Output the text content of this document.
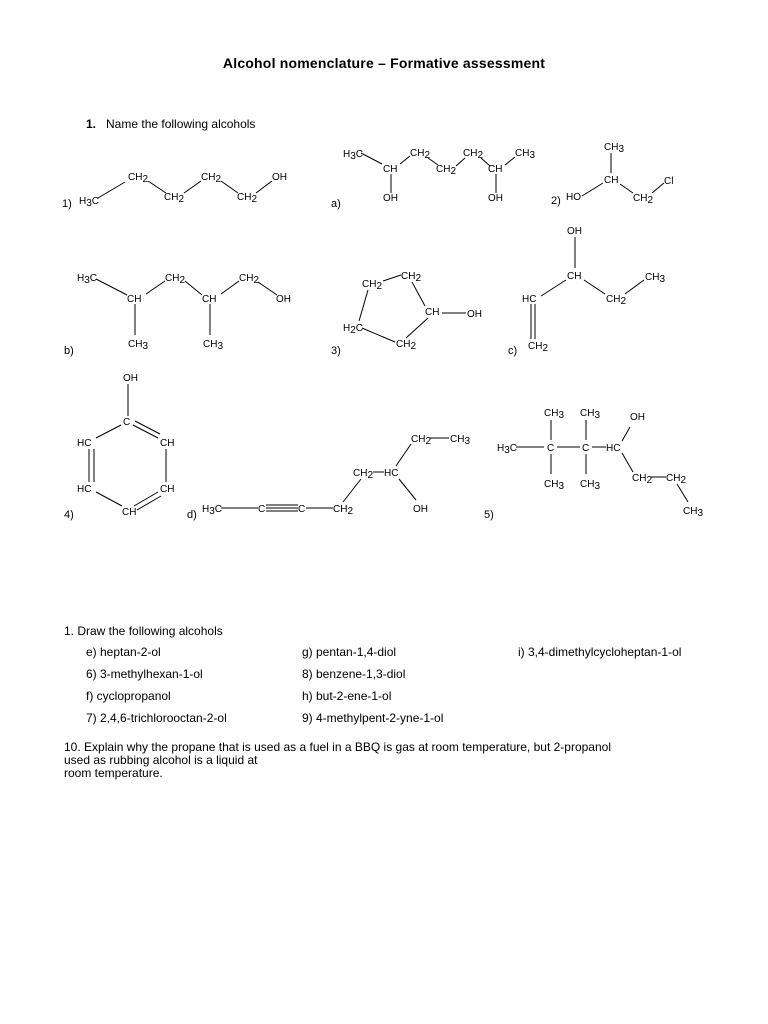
Alcohol nomenclature – Formative assessment
1. Name the following alcohols
1) H3C
CH2
CH2
CH2
CH2
OH
a)
H3C
CH
OH
CH2
CH2
CH2
CH
OH
CH3
2) HO
CH3
CH
CH2
Cl
b)
H3C
CH
CH3
CH2
CH
CH3
CH2
OH
3)
CH2
CH2
CH	OH
CH2
H2C
c)
OH
CH
HC
CH2
CH2
CH3
4)
OH
C
HC	CH
HC	CH
CH	d) H3C	C	C	CH2
CH2 HC
OH
CH2 CH3
5)
H3C
CH3
C
CH3
CH3
C
CH3
HC
OH
CH2 CH2
CH3
1. Draw the following alcohols
e) heptan-2-ol
6) 3-methylhexan-1-ol
f) cyclopropanol
7) 2,4,6-trichlorooctan-2-ol
g) pentan-1,4-diol
8) benzene-1,3-diol
h) but-2-ene-1-ol
9) 4-methylpent-2-yne-1-ol
i) 3,4-dimethylcycloheptan-1-ol
10. Explain why the propane that is used as a fuel in a BBQ is gas at room temperature, but 2-propanol
used as rubbing alcohol is a liquid at
room temperature.
